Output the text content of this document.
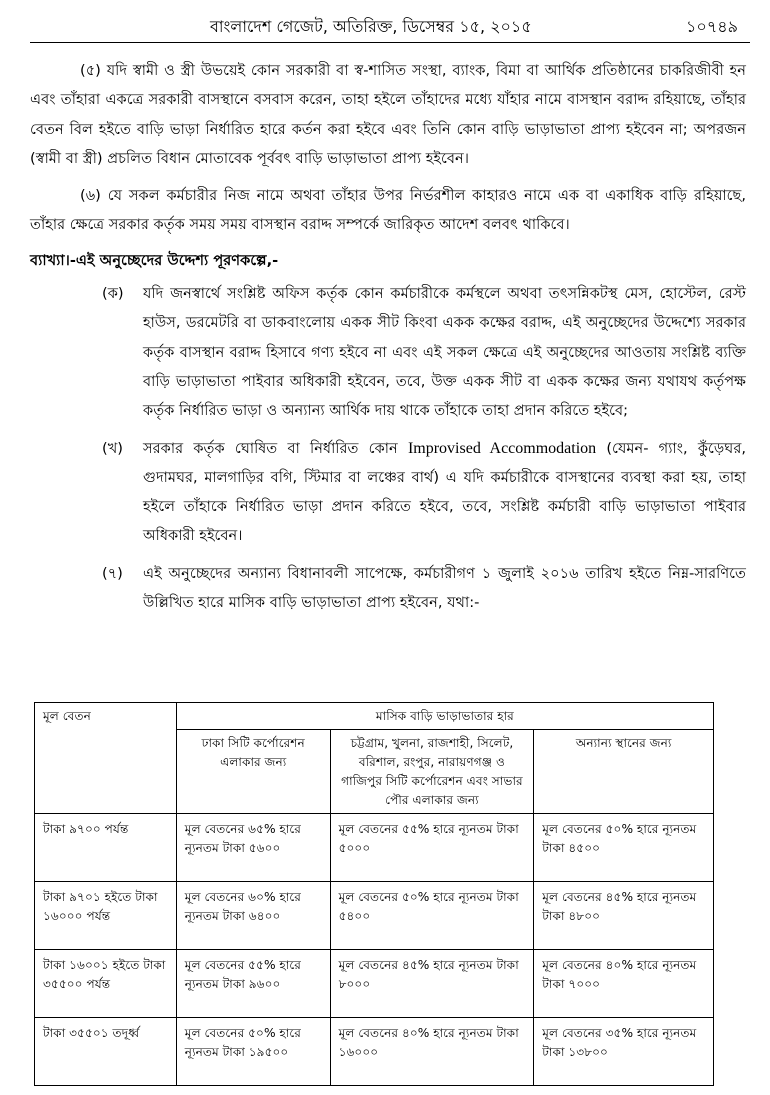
বাংলাদেশ গেজেট, অতিরিক্ত, ডিসেম্বর ১৫, ২০১৫	১০৭৪৯

(৫) যদি স্বামী ও স্ত্রী উভয়েই কোন সরকারী বা স্ব-শাসিত সংস্থা, ব্যাংক, বিমা বা আর্থিক প্রতিষ্ঠানের চাকরিজীবী হন এবং তাঁহারা একত্রে সরকারী বাসস্থানে বসবাস করেন, তাহা হইলে তাঁহাদের মধ্যে যাঁহার নামে বাসস্থান বরাদ্দ রহিয়াছে, তাঁহার বেতন বিল হইতে বাড়ি ভাড়া নির্ধারিত হারে কর্তন করা হইবে এবং তিনি কোন বাড়ি ভাড়াভাতা প্রাপ্য হইবেন না; অপরজন (স্বামী বা স্ত্রী) প্রচলিত বিধান মোতাবেক পূর্ববৎ বাড়ি ভাড়াভাতা প্রাপ্য হইবেন।

(৬) যে সকল কর্মচারীর নিজ নামে অথবা তাঁহার উপর নির্ভরশীল কাহারও নামে এক বা একাধিক বাড়ি রহিয়াছে, তাঁহার ক্ষেত্রে সরকার কর্তৃক সময় সময় বাসস্থান বরাদ্দ সম্পর্কে জারিকৃত আদেশ বলবৎ থাকিবে।

ব্যাখ্যা।-এই অনুচ্ছেদের উদ্দেশ্য পূরণকল্পে,-

(ক) যদি জনস্বার্থে সংশ্লিষ্ট অফিস কর্তৃক কোন কর্মচারীকে কর্মস্থলে অথবা তৎসন্নিকটস্থ মেস, হোস্টেল, রেস্ট হাউস, ডরমেটরি বা ডাকবাংলোয় একক সীট কিংবা একক কক্ষের বরাদ্দ, এই অনুচ্ছেদের উদ্দেশ্যে সরকার কর্তৃক বাসস্থান বরাদ্দ হিসাবে গণ্য হইবে না এবং এই সকল ক্ষেত্রে এই অনুচ্ছেদের আওতায় সংশ্লিষ্ট ব্যক্তি বাড়ি ভাড়াভাতা পাইবার অধিকারী হইবেন, তবে, উক্ত একক সীট বা একক কক্ষের জন্য যথাযথ কর্তৃপক্ষ কর্তৃক নির্ধারিত ভাড়া ও অন্যান্য আর্থিক দায় থাকে তাঁহাকে তাহা প্রদান করিতে হইবে;
(খ) সরকার কর্তৃক ঘোষিত বা নির্ধারিত কোন Improvised Accommodation (যেমন- গ্যাং, কুঁড়েঘর, গুদামঘর, মালগাড়ির বগি, স্টিমার বা লঞ্চের বার্থ) এ যদি কর্মচারীকে বাসস্থানের ব্যবস্থা করা হয়, তাহা হইলে তাঁহাকে নির্ধারিত ভাড়া প্রদান করিতে হইবে, তবে, সংশ্লিষ্ট কর্মচারী বাড়ি ভাড়াভাতা পাইবার অধিকারী হইবেন।
(৭) এই অনুচ্ছেদের অন্যান্য বিধানাবলী সাপেক্ষে, কর্মচারীগণ ১ জুলাই ২০১৬ তারিখ হইতে নিম্ন-সারণিতে উল্লিখিত হারে মাসিক বাড়ি ভাড়াভাতা প্রাপ্য হইবেন, যথা:-
মূল বেতন	মাসিক বাড়ি ভাড়াভাতার হার		
	ঢাকা সিটি কর্পোরেশন এলাকার জন্য	চট্টগ্রাম, খুলনা, রাজশাহী, সিলেট, বরিশাল, রংপুর, নারায়ণগঞ্জ ও গাজিপুর সিটি কর্পোরেশন এবং সাভার পৌর এলাকার জন্য	অন্যান্য স্থানের জন্য
টাকা ৯৭০০ পর্যন্ত	মূল বেতনের ৬৫% হারে ন্যূনতম টাকা ৫৬০০	মূল বেতনের ৫৫% হারে ন্যূনতম টাকা ৫০০০	মূল বেতনের ৫০% হারে ন্যূনতম টাকা ৪৫০০
টাকা ৯৭০১ হইতে টাকা ১৬০০০ পর্যন্ত	মূল বেতনের ৬০% হারে ন্যূনতম টাকা ৬৪০০	মূল বেতনের ৫০% হারে ন্যূনতম টাকা ৫৪০০	মূল বেতনের ৪৫% হারে ন্যূনতম টাকা ৪৮০০
টাকা ১৬০০১ হইতে টাকা ৩৫৫০০ পর্যন্ত	মূল বেতনের ৫৫% হারে ন্যূনতম টাকা ৯৬০০	মূল বেতনের ৪৫% হারে ন্যূনতম টাকা ৮০০০	মূল বেতনের ৪০% হারে ন্যূনতম টাকা ৭০০০
টাকা ৩৫৫০১ তদূর্ধ্ব	মূল বেতনের ৫০% হারে ন্যূনতম টাকা ১৯৫০০	মূল বেতনের ৪০% হারে ন্যূনতম টাকা ১৬০০০	মূল বেতনের ৩৫% হারে ন্যূনতম টাকা ১৩৮০০
